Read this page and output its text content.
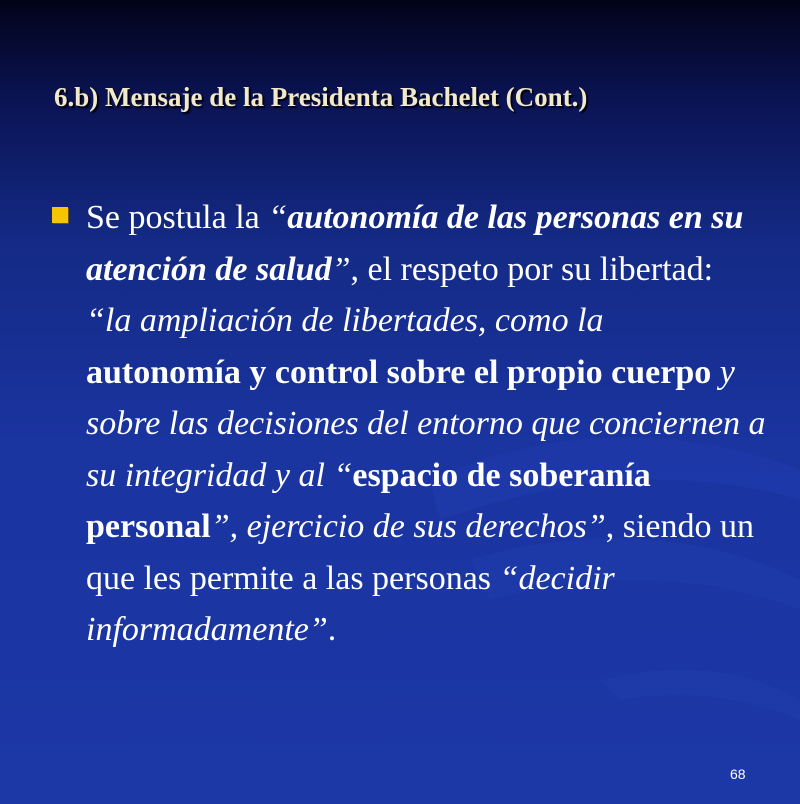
6.b) Mensaje de la Presidenta Bachelet (Cont.)

Se postula la “autonomía de las personas en su atención de salud”, el respeto por su libertad: “la ampliación de libertades, como la autonomía y control sobre el propio cuerpo y sobre las decisiones del entorno que conciernen a su integridad y al “espacio de soberanía personal”, ejercicio de sus derechos”, siendo un que les permite a las personas “decidir informadamente”.

68
